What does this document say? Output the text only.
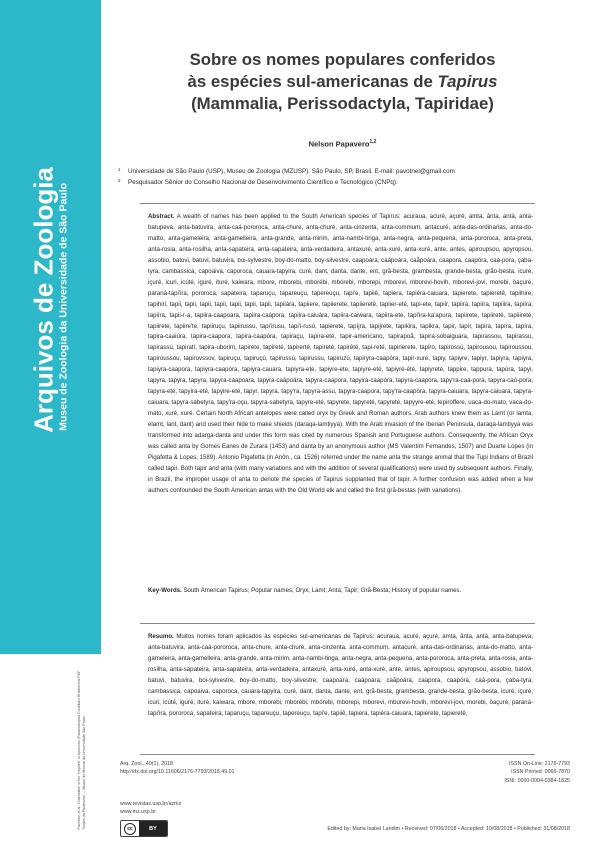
Arquivos de Zoologia Museu de Zoologia da Universidade de São Paulo
Pacheco, et al.: Distribution of the "migrant" of Aprocrion (Palaeostropus Cordillaris Brasiliensis PDF Sorpes da Palaeozoo — Museu do Mineral da Universidade São Paulo
Sobre os nomes populares conferidos
às espécies sul-americanas de Tapirus
(Mammalia, Perissodactyla, Tapiridae)
Nelson Papavero$^{1,2}$
1 Universidade de São Paulo (USP), Museu de Zoologia (MZUSP). São Paulo, SP, Brasil. E-mail: pavotnel@gmail.com
2 Pesquisador Sênior do Conselho Nacional de Desenvolvimento Científico e Tecnológico (CNPq).
Abstract. A wealth of names has been applied to the South American species of Tapirus: acuraua, acuré, açuré, amta, ânta, antá, anta-batupeva, anta-batuvira, anta-caá-pororoca, anta-chure, anta-churé, anta-cinzenta, anta-commum, antacuré, anta-das-ordinarias, anta-do-matto, anta-gameleira, anta-gamelleira, anta-grande, anta-mirim, anta-nambi-tinga, anta-negra, anta-pequena, anta-pororoca, anta-preta, anta-rosia, anta-rosilha, anta-sapateira, anta-sapateira, anta-verdadeira, antaxuré, anta-xuré, anta-xuré, ante, antes, apiroupsou, apyropsou, assobio, batovi, batuvi, batuvira, boi-sylvestre, boy-do-matto, boy-silvestre, caapoára, caápoára, caãpoára, caapora, caapóra, caá-pora, çaba-tyra, cambassica, capoaiva, caporoca, cauara-tapyira, curé, dant, danta, dante, ent, grã-besta, grambesta, grande-besta, grão-besta, icuré, içuré, icuri, icúté, iguré, ituré, kaiwara, mbore, mborebi, mborébi, mbórebi, mborepi, mborevi, mborevi-hovih, mborevi-jovi, morebi, öaçuré, paraná-tapi'ira, pororoca, sapateira, taparuçu, tapareuçu, tapereuçu, tapi'e, tapiiê, tapiera, tapiéra-caiuara, tapierete, tapieretê, tapiihire, tapihiri, tapii, tapii, tapii, tapii, tapii, tapii, tapii, tapiiára, tapiiere, tapiierete, tapiieretê, tapiier-eté, tapi-ete, tapiir, tapiira, tapiíra, tapiiira, tapiíra, tapiíra, tapii-r-a, tapiira-caapoara, tapiira-caápora, tapiira-caiuára, tapiira-caiwara, tapiira-ete, tapi'ira-ka'apura, tapiirete, tapiireté, tapiiireté, tapiirete, tapiire'te, tapiiruçu, tapiirussu, tapi'irusu, tapi'i-rusú, tapierete, tapíjra, tapijrete, tapikira, tapikra, tapir, tapír, tapira, tapíra, tapíra, tapira-caaiúra, tapira-caapora, tapira-caapóra, tapiraçu, tapira-eté, tapir-americano, tapirapoã, tapira-sobaiguara, tapirassou, tapirassu, tapirassú, tapiratí, tapira-uborim, tapirete, tapireté, tapirerté, tapireté, tapirêté, tapi-reté, tapirierete, tapiro, tapirossú, tapirousou, tapiroussou, tapiroussou, tapirovssov, tapiruçu, tapiruçú, tapirussú, tapirussu, tapiruzú, tapiryra-caapóra, tapir-xuré, tapiy, tapiyre, tapiyr, tapiyra, tapiyra, tapiyra-caapora, tapiyra-caapóra, tapiyra-cauara, tapiyra-ete, tapiyre-ete, tapiyre-eté, tapiyré-été, tapiyreté, tappire, tappura, tapúra, tapyi, tapyra, tapyra, tapyra, tapyra-caapoara, tapyra-caápoára, tapyra-caapora, tapyirá-caapóra, tapyra-caapóra, tapy'ra-caá-pora, tapyra-caó-pora, tapyra-eté, tapyira-eté, tapyire-eté, tapyr, tapyra, tapy'ra, tapyra-assu, tapyra-caapora, tapy'ra-caapóra, tapyra-caiuara, tapyra-caiuara, tapyra-caiuara, tapyra-sabetyra, tapy'ra-oçu, tapyra-sabetyra, tapyre-eté, tapyrete, tapyreté, tapyreté, tapyyre-eté, tepiroffere, uaca-do-mato, vaca-do-mato, xuré, xuré. Certain North African antelopes were called oryx by Greek and Roman authors. Arab authors knew them as Lamt (or lamta, elamt, lant, dant) and used their hide to make shields (daraqa-lamṭiyya). With the Arab invasion of the Iberian Peninsula, daraqa-lamṭiyya was transformed into adarga-danta and under this form was cited by numerous Spanish and Portuguese authors. Consequently, the African Oryx was called anta by Gomes Eanes de Zurara (1453) and danta by an anonymous author (MS Valentim Fernandes, 1507) and Duarte Lopes (in Pigafetta & Lopes, 1589). Antonio Pigafetta (in Anôn., ca. 1526) referred under the name anta the strange animal that the Tupi Indians of Brazil called tapir. Both tapir and anta (with many variations and with the addition of several qualifications) were used by subsequent authors. Finally, in Brazil, the improper usage of anta to denote the species of Tapirus supplanted that of tapir. A further confusion was added when a few authors confounded the South American antas with the Old World elk and called the first grã-bestas (with variations).
Key-Words. South American Tapirus; Popular names; Oryx; Lamt; Anta; Tapir; Grã-Besta; History of popular names.
Resumo. Muitos nomes foram aplicados às espécies sul-americanas de Tapirus: acuraua, acuré, açuré, amta, ânta, antá, anta-batupeva, anta-batuvira, anta-caá-pororoca, anta-chure, anta-churé, anta-cinzenta, anta-commum, antacuré, anta-das-ordinarias, anta-do-matto, anta-gameleira, anta-gamelleira, anta-grande, anta-mirim, anta-nambi-tinga, anta-negra, anta-pequena, anta-pororoca, anta-preta, anta-rosia, anta-rosilha, anta-sapateira, anta-sapateira, anta-verdadeira, antaxuré, anta-xuré, anta-xuré, ante, antes, apiroupsou, apyropsou, assobio, batovi, batuvi, batuvira, boi-sylvestre, boy-do-matto, boy-silvestre, caapoára, caápoára, caãpoára, caapora, caapóra, caá-pora, çaba-tyra, cambassica, capoaiva, caporoca, cauara-tapyira, curé, dant, danta, dante, ent, grã-besta, grambesta, grande-besta, grão-besta, icuré, içuré, icuri, icúté, iguré, ituré, kaiwara, mbore, mborebi, mborébi, mbórebi, mborepi, mborevi, mborevi-hovih, mborevi-jovi, morebi, öaçuré, paraná-tapi'ira, pororoca, sapateira, taparuçu, tapareuçu, tapereuçu, tapi'e, tapiiê, tapiera, tapiéra-caiuara, tapierete, tapieretê,
Arq. Zool., 49(1), 2018
http://dx.doi.org/10.11606/2176-7793/2018.49.01
www.revistas.usp.br/azmz
www.mz.usp.br
ISSN On-Line: 2176-7793
ISSN Printed: 0066-7870
ISNI: 0000-0004-0384-1825
cc	BY	Edited by: Maria Isabel Landim • Received: 07/06/2018 • Accepted: 10/08/2018 • Published: 31/08/2018
